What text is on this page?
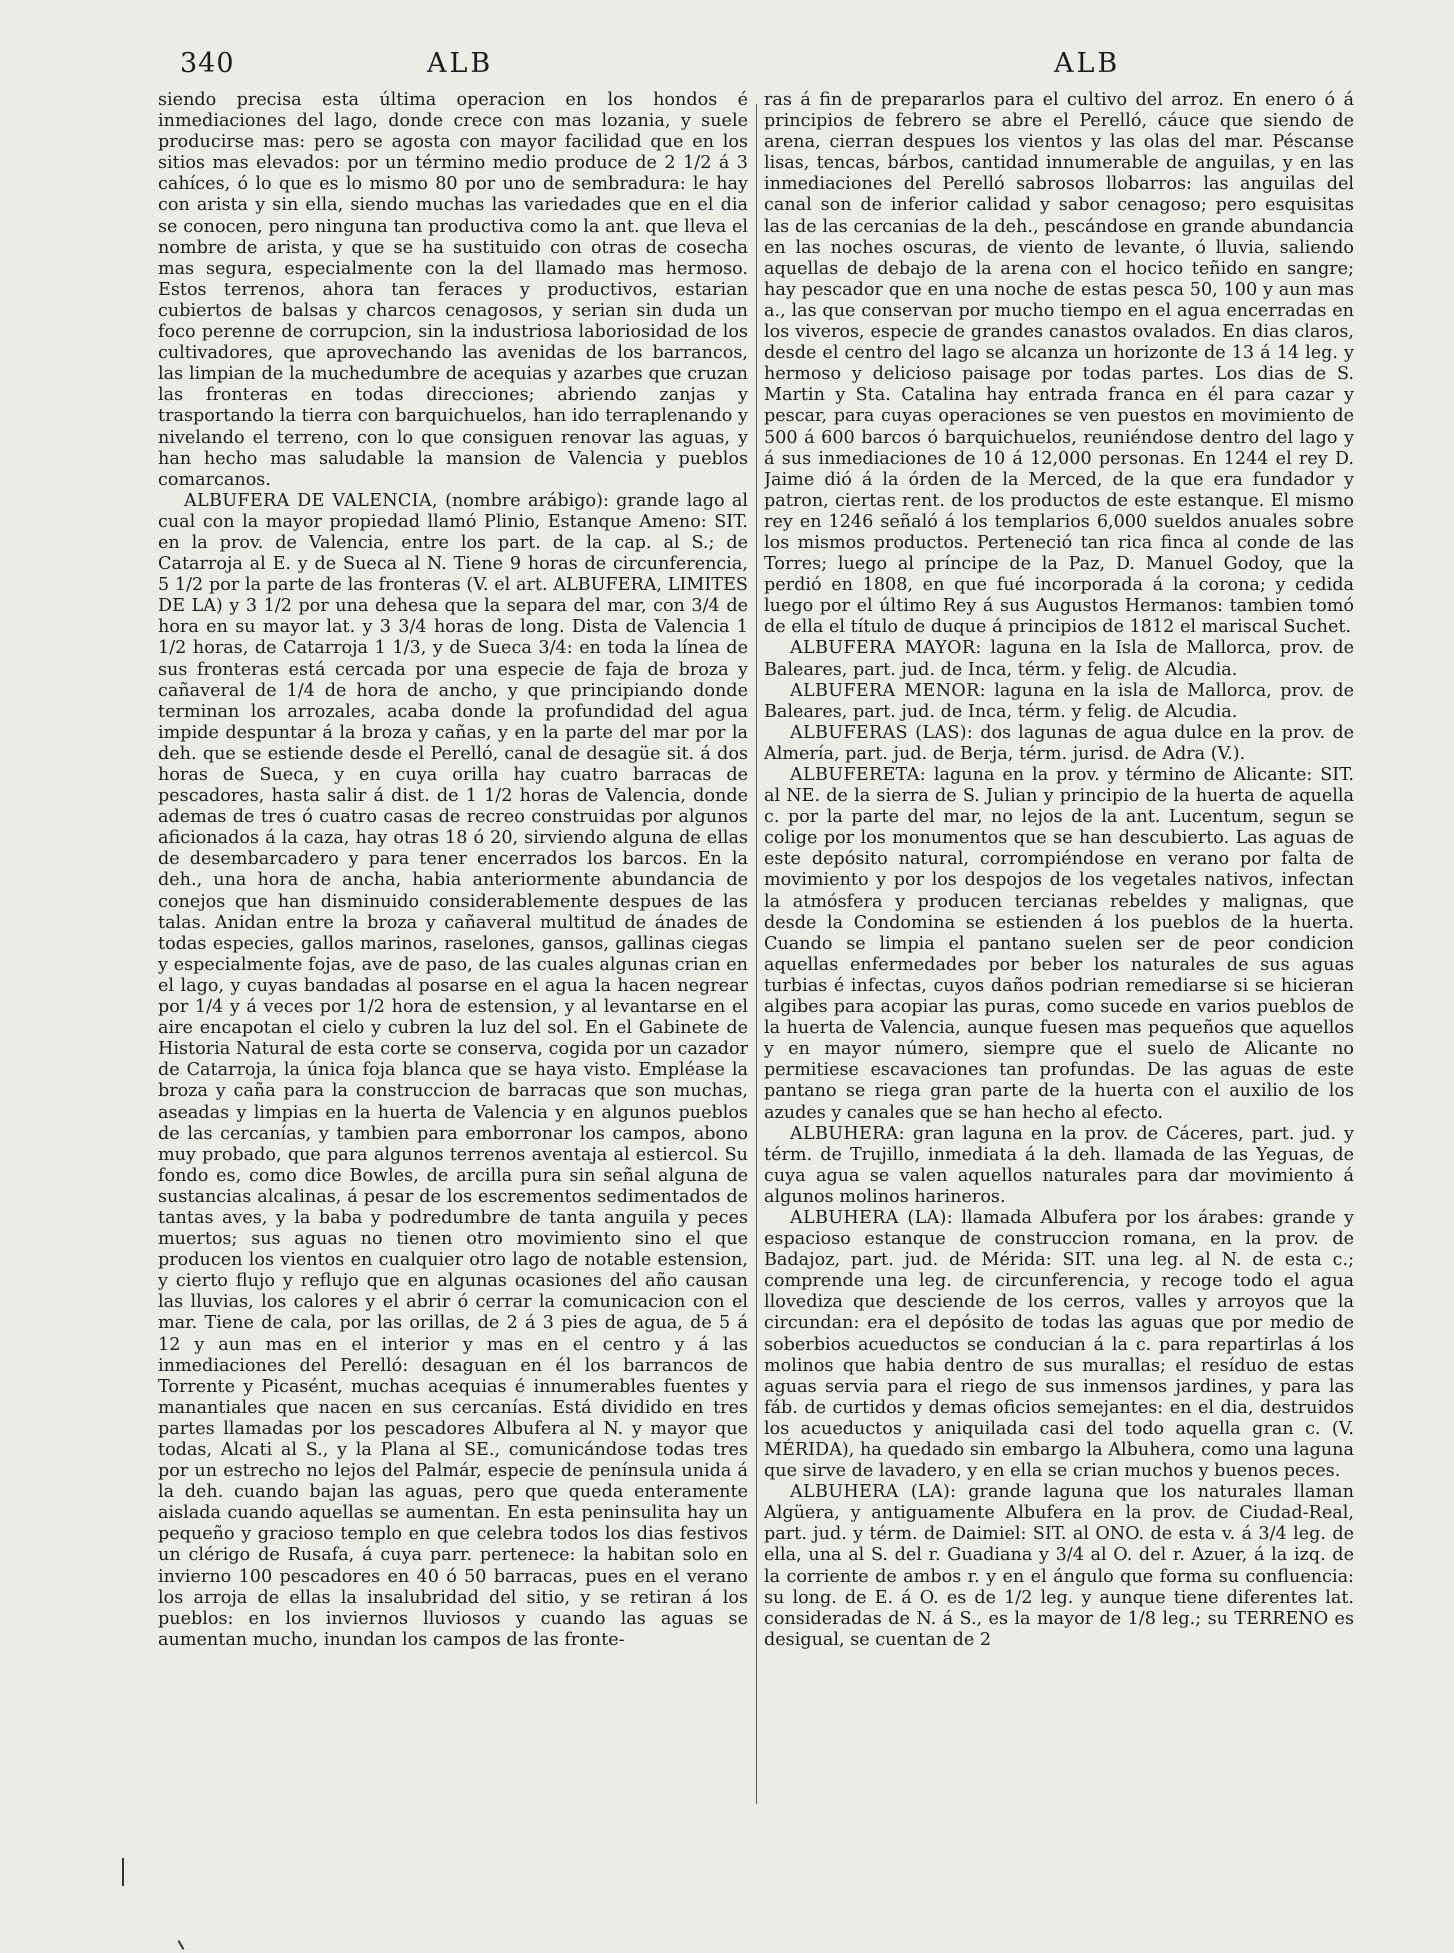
340	ALB	ALB

siendo precisa esta última operacion en los hondos é inmediaciones del lago, donde crece con mas lozania, y suele producirse mas: pero se agosta con mayor facilidad que en los sitios mas elevados: por un término medio produce de 2 1/2 á 3 cahíces, ó lo que es lo mismo 80 por uno de sembradura: le hay con arista y sin ella, siendo muchas las variedades que en el dia se conocen, pero ninguna tan productiva como la ant. que lleva el nombre de arista, y que se ha sustituido con otras de cosecha mas segura, especialmente con la del llamado mas hermoso. Estos terrenos, ahora tan feraces y productivos, estarian cubiertos de balsas y charcos cenagosos, y serian sin duda un foco perenne de corrupcion, sin la industriosa laboriosidad de los cultivadores, que aprovechando las avenidas de los barrancos, las limpian de la muchedumbre de acequias y azarbes que cruzan las fronteras en todas direcciones; abriendo zanjas y trasportando la tierra con barquichuelos, han ido terraplenando y nivelando el terreno, con lo que consiguen renovar las aguas, y han hecho mas saludable la mansion de Valencia y pueblos comarcanos.

ALBUFERA DE VALENCIA, (nombre arábigo): grande lago al cual con la mayor propiedad llamó Plinio, Estanque Ameno: SIT. en la prov. de Valencia, entre los part. de la cap. al S.; de Catarroja al E. y de Sueca al N. Tiene 9 horas de circunferencia, 5 1/2 por la parte de las fronteras (V. el art. ALBUFERA, LIMITES DE LA) y 3 1/2 por una dehesa que la separa del mar, con 3/4 de hora en su mayor lat. y 3 3/4 horas de long. Dista de Valencia 1 1/2 horas, de Catarroja 1 1/3, y de Sueca 3/4: en toda la línea de sus fronteras está cercada por una especie de faja de broza y cañaveral de 1/4 de hora de ancho, y que principiando donde terminan los arrozales, acaba donde la profundidad del agua impide despuntar á la broza y cañas, y en la parte del mar por la deh. que se estiende desde el Perelló, canal de desagüe sit. á dos horas de Sueca, y en cuya orilla hay cuatro barracas de pescadores, hasta salir á dist. de 1 1/2 horas de Valencia, donde ademas de tres ó cuatro casas de recreo construidas por algunos aficionados á la caza, hay otras 18 ó 20, sirviendo alguna de ellas de desembarcadero y para tener encerrados los barcos. En la deh., una hora de ancha, habia anteriormente abundancia de conejos que han disminuido considerablemente despues de las talas. Anidan entre la broza y cañaveral multitud de ánades de todas especies, gallos marinos, raselones, gansos, gallinas ciegas y especialmente fojas, ave de paso, de las cuales algunas crian en el lago, y cuyas bandadas al posarse en el agua la hacen negrear por 1/4 y á veces por 1/2 hora de estension, y al levantarse en el aire encapotan el cielo y cubren la luz del sol. En el Gabinete de Historia Natural de esta corte se conserva, cogida por un cazador de Catarroja, la única foja blanca que se haya visto. Empléase la broza y caña para la construccion de barracas que son muchas, aseadas y limpias en la huerta de Valencia y en algunos pueblos de las cercanías, y tambien para emborronar los campos, abono muy probado, que para algunos terrenos aventaja al estiercol. Su fondo es, como dice Bowles, de arcilla pura sin señal alguna de sustancias alcalinas, á pesar de los escrementos sedimentados de tantas aves, y la baba y podredumbre de tanta anguila y peces muertos; sus aguas no tienen otro movimiento sino el que producen los vientos en cualquier otro lago de notable estension, y cierto flujo y reflujo que en algunas ocasiones del año causan las lluvias, los calores y el abrir ó cerrar la comunicacion con el mar. Tiene de cala, por las orillas, de 2 á 3 pies de agua, de 5 á 12 y aun mas en el interior y mas en el centro y á las inmediaciones del Perelló: desaguan en él los barrancos de Torrente y Picasént, muchas acequias é innumerables fuentes y manantiales que nacen en sus cercanías. Está dividido en tres partes llamadas por los pescadores Albufera al N. y mayor que todas, Alcati al S., y la Plana al SE., comunicándose todas tres por un estrecho no lejos del Palmár, especie de península unida á la deh. cuando bajan las aguas, pero que queda enteramente aislada cuando aquellas se aumentan. En esta peninsulita hay un pequeño y gracioso templo en que celebra todos los dias festivos un clérigo de Rusafa, á cuya parr. pertenece: la habitan solo en invierno 100 pescadores en 40 ó 50 barracas, pues en el verano los arroja de ellas la insalubridad del sitio, y se retiran á los pueblos: en los inviernos lluviosos y cuando las aguas se aumentan mucho, inundan los campos de las fronte-

ras á fin de prepararlos para el cultivo del arroz. En enero ó á principios de febrero se abre el Perelló, cáuce que siendo de arena, cierran despues los vientos y las olas del mar. Péscanse lisas, tencas, bárbos, cantidad innumerable de anguilas, y en las inmediaciones del Perelló sabrosos llobarros: las anguilas del canal son de inferior calidad y sabor cenagoso; pero esquisitas las de las cercanias de la deh., pescándose en grande abundancia en las noches oscuras, de viento de levante, ó lluvia, saliendo aquellas de debajo de la arena con el hocico teñido en sangre; hay pescador que en una noche de estas pesca 50, 100 y aun mas a., las que conservan por mucho tiempo en el agua encerradas en los viveros, especie de grandes canastos ovalados. En dias claros, desde el centro del lago se alcanza un horizonte de 13 á 14 leg. y hermoso y delicioso paisage por todas partes. Los dias de S. Martin y Sta. Catalina hay entrada franca en él para cazar y pescar, para cuyas operaciones se ven puestos en movimiento de 500 á 600 barcos ó barquichuelos, reuniéndose dentro del lago y á sus inmediaciones de 10 á 12,000 personas. En 1244 el rey D. Jaime dió á la órden de la Merced, de la que era fundador y patron, ciertas rent. de los productos de este estanque. El mismo rey en 1246 señaló á los templarios 6,000 sueldos anuales sobre los mismos productos. Perteneció tan rica finca al conde de las Torres; luego al príncipe de la Paz, D. Manuel Godoy, que la perdió en 1808, en que fué incorporada á la corona; y cedida luego por el último Rey á sus Augustos Hermanos: tambien tomó de ella el título de duque á principios de 1812 el mariscal Suchet.

ALBUFERA MAYOR: laguna en la Isla de Mallorca, prov. de Baleares, part. jud. de Inca, térm. y felig. de Alcudia.

ALBUFERA MENOR: laguna en la isla de Mallorca, prov. de Baleares, part. jud. de Inca, térm. y felig. de Alcudia.

ALBUFERAS (LAS): dos lagunas de agua dulce en la prov. de Almería, part. jud. de Berja, térm. jurisd. de Adra (V.).

ALBUFERETA: laguna en la prov. y término de Alicante: SIT. al NE. de la sierra de S. Julian y principio de la huerta de aquella c. por la parte del mar, no lejos de la ant. Lucentum, segun se colige por los monumentos que se han descubierto. Las aguas de este depósito natural, corrompiéndose en verano por falta de movimiento y por los despojos de los vegetales nativos, infectan la atmósfera y producen tercianas rebeldes y malignas, que desde la Condomina se estienden á los pueblos de la huerta. Cuando se limpia el pantano suelen ser de peor condicion aquellas enfermedades por beber los naturales de sus aguas turbias é infectas, cuyos daños podrian remediarse si se hicieran algibes para acopiar las puras, como sucede en varios pueblos de la huerta de Valencia, aunque fuesen mas pequeños que aquellos y en mayor número, siempre que el suelo de Alicante no permitiese escavaciones tan profundas. De las aguas de este pantano se riega gran parte de la huerta con el auxilio de los azudes y canales que se han hecho al efecto.

ALBUHERA: gran laguna en la prov. de Cáceres, part. jud. y térm. de Trujillo, inmediata á la deh. llamada de las Yeguas, de cuya agua se valen aquellos naturales para dar movimiento á algunos molinos harineros.

ALBUHERA (LA): llamada Albufera por los árabes: grande y espacioso estanque de construccion romana, en la prov. de Badajoz, part. jud. de Mérida: SIT. una leg. al N. de esta c.; comprende una leg. de circunferencia, y recoge todo el agua llovediza que desciende de los cerros, valles y arroyos que la circundan: era el depósito de todas las aguas que por medio de soberbios acueductos se conducian á la c. para repartirlas á los molinos que habia dentro de sus murallas; el resíduo de estas aguas servia para el riego de sus inmensos jardines, y para las fáb. de curtidos y demas oficios semejantes: en el dia, destruidos los acueductos y aniquilada casi del todo aquella gran c. (V. MÉRIDA), ha quedado sin embargo la Albuhera, como una laguna que sirve de lavadero, y en ella se crian muchos y buenos peces.

ALBUHERA (LA): grande laguna que los naturales llaman Algüera, y antiguamente Albufera en la prov. de Ciudad-Real, part. jud. y térm. de Daimiel: SIT. al ONO. de esta v. á 3/4 leg. de ella, una al S. del r. Guadiana y 3/4 al O. del r. Azuer, á la izq. de la corriente de ambos r. y en el ángulo que forma su confluencia: su long. de E. á O. es de 1/2 leg. y aunque tiene diferentes lat. consideradas de N. á S., es la mayor de 1/8 leg.; su TERRENO es desigual, se cuentan de 2
